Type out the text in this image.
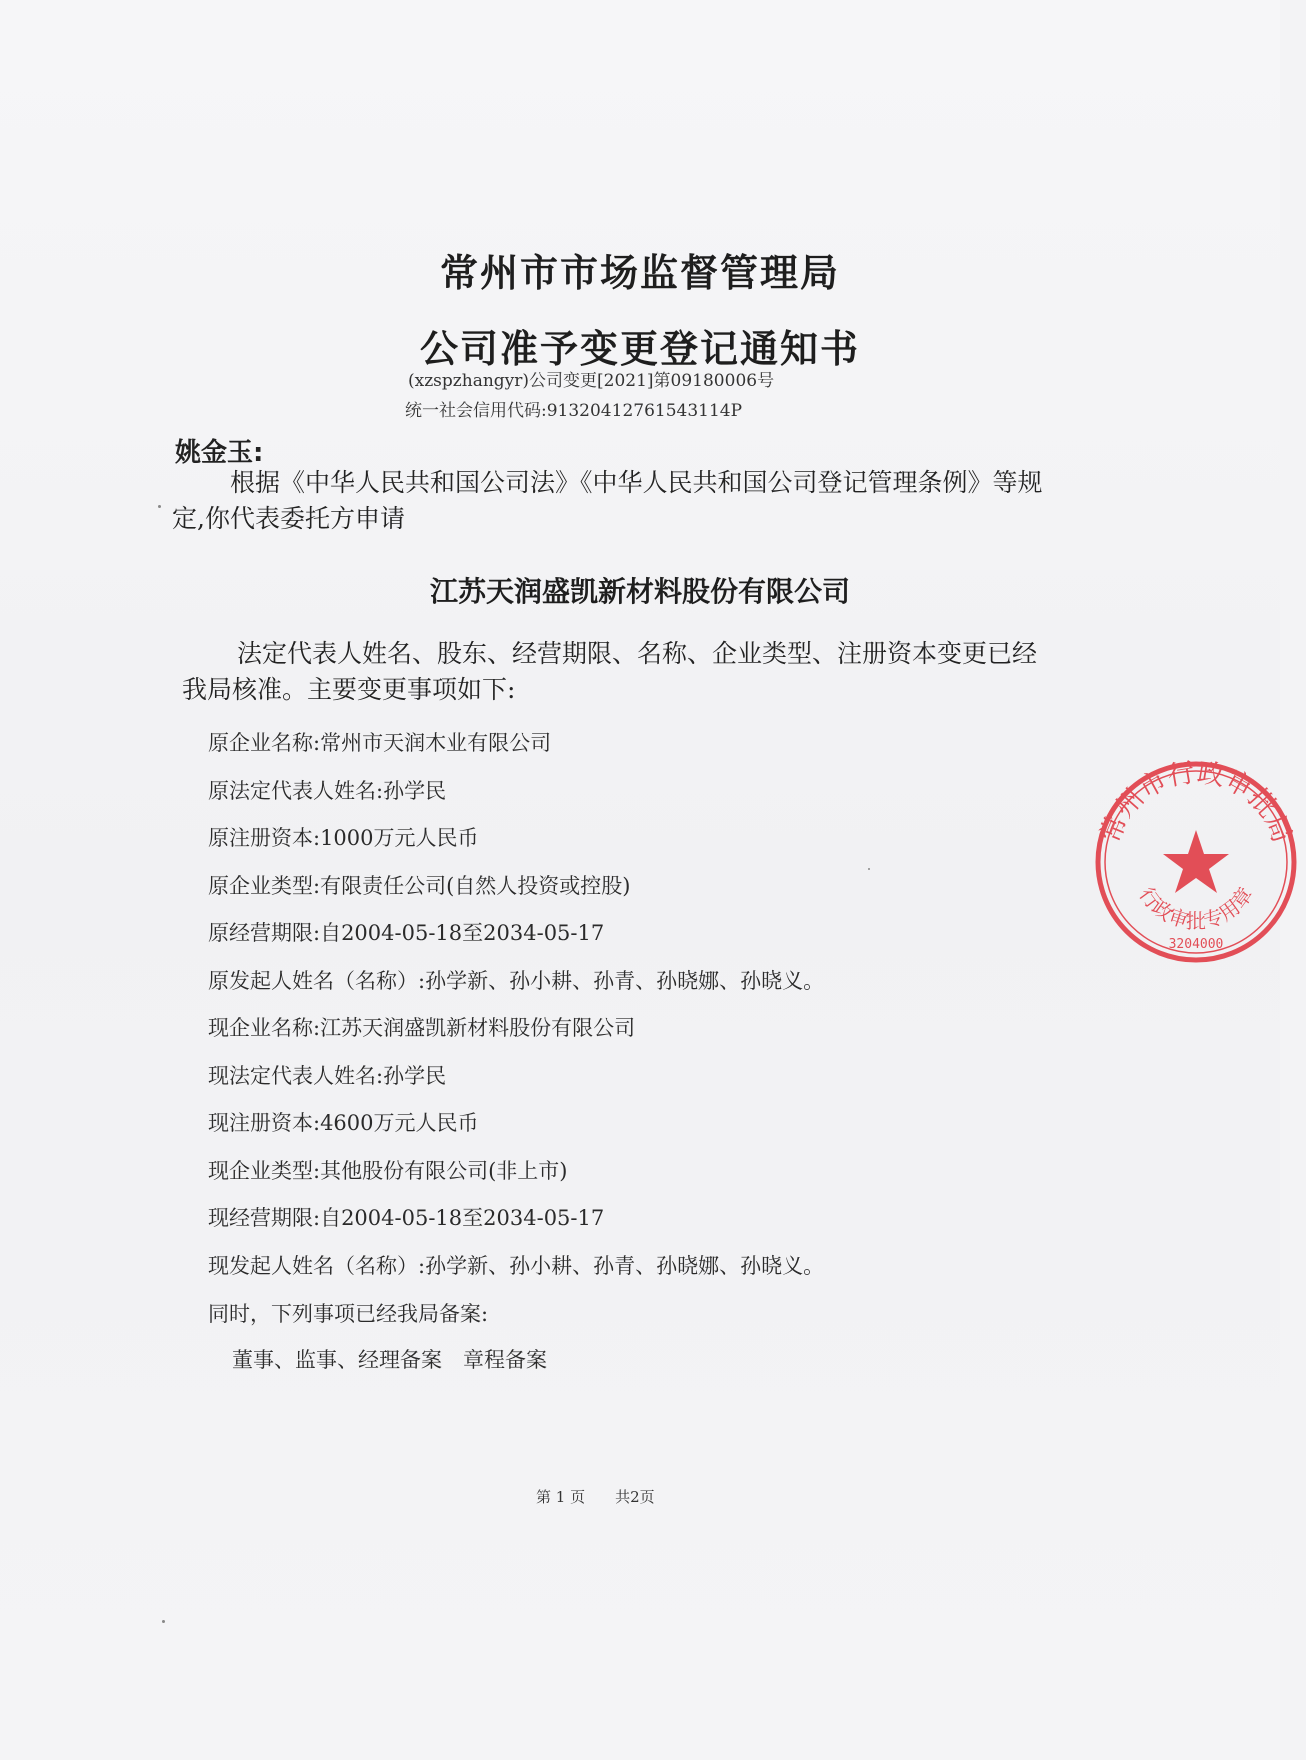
常州市市场监督管理局
公司准予变更登记通知书
(xzspzhangyr)公司变更[2021]第09180006号
统一社会信用代码:91320412761543114P
姚金玉:
根据《中华人民共和国公司法》《中华人民共和国公司登记管理条例》等规定,你代表委托方申请
江苏天润盛凯新材料股份有限公司
法定代表人姓名、股东、经营期限、名称、企业类型、注册资本变更已经我局核准。主要变更事项如下:
原企业名称:常州市天润木业有限公司
原法定代表人姓名:孙学民
原注册资本:1000万元人民币
原企业类型:有限责任公司(自然人投资或控股)
原经营期限:自2004-05-18至2034-05-17
原发起人姓名（名称）:孙学新、孙小耕、孙青、孙晓娜、孙晓义。
现企业名称:江苏天润盛凯新材料股份有限公司
现法定代表人姓名:孙学民
现注册资本:4600万元人民币
现企业类型:其他股份有限公司(非上市)
现经营期限:自2004-05-18至2034-05-17
现发起人姓名（名称）:孙学新、孙小耕、孙青、孙晓娜、孙晓义。
同时，下列事项已经我局备案:
董事、监事、经理备案　章程备案
第 1 页 共2页
常州市行政审批局
行政审批专用章
3204000
